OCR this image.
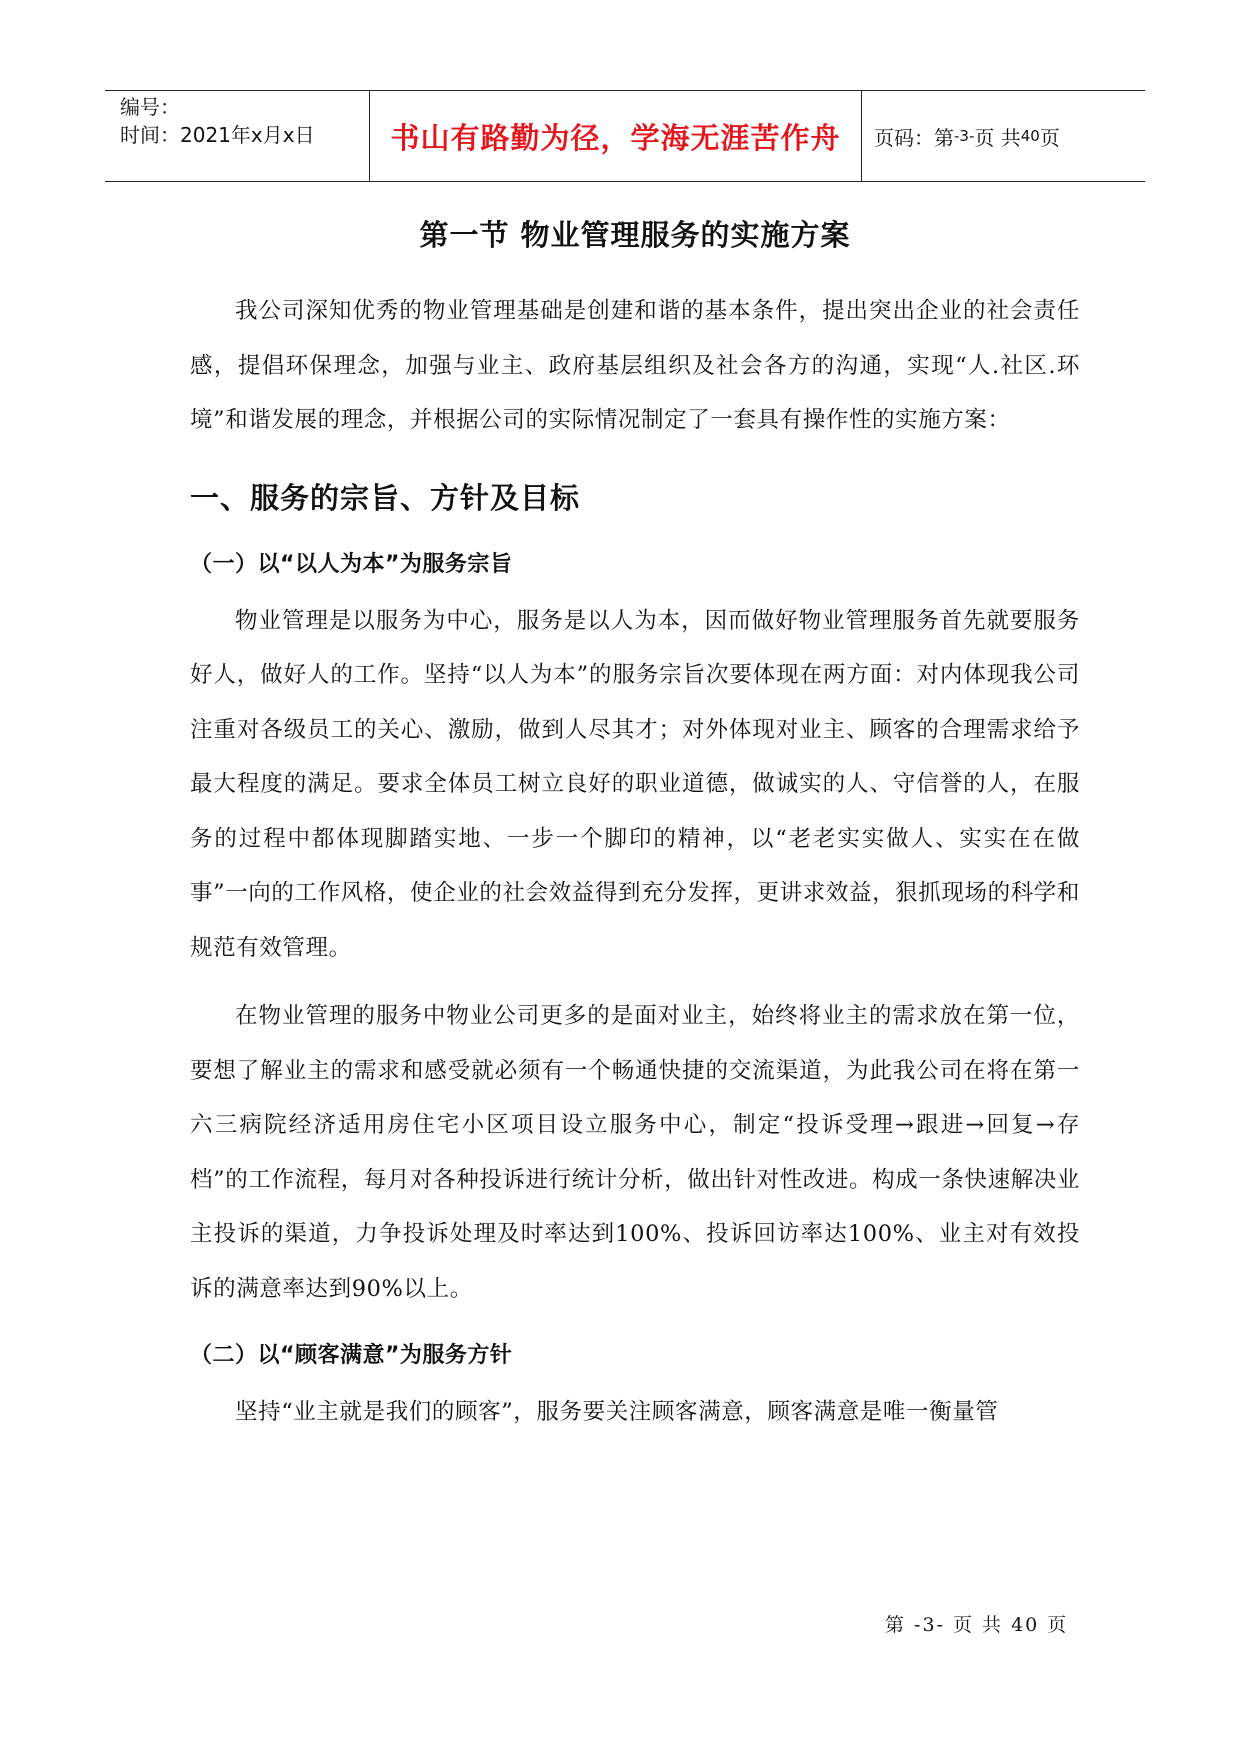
编号：
时间：2021年x月x日	书山有路勤为径，学海无涯苦作舟	页码：第 -3- 页 共 40 页
第一节 物业管理服务的实施方案

我公司深知优秀的物业管理基础是创建和谐的基本条件，提出突出企业的社会责任感，提倡环保理念，加强与业主、政府基层组织及社会各方的沟通，实现“人.社区.环境”和谐发展的理念，并根据公司的实际情况制定了一套具有操作性的实施方案：

一、服务的宗旨、方针及目标
（一）以“以人为本”为服务宗旨

物业管理是以服务为中心，服务是以人为本，因而做好物业管理服务首先就要服务好人，做好人的工作。坚持“以人为本”的服务宗旨次要体现在两方面：对内体现我公司注重对各级员工的关心、激励，做到人尽其才；对外体现对业主、顾客的合理需求给予最大程度的满足。要求全体员工树立良好的职业道德，做诚实的人、守信誉的人，在服务的过程中都体现脚踏实地、一步一个脚印的精神，以“老老实实做人、实实在在做事”一向的工作风格，使企业的社会效益得到充分发挥，更讲求效益，狠抓现场的科学和规范有效管理。

在物业管理的服务中物业公司更多的是面对业主，始终将业主的需求放在第一位，要想了解业主的需求和感受就必须有一个畅通快捷的交流渠道，为此我公司在将在第一六三病院经济适用房住宅小区项目设立服务中心，制定“投诉受理→跟进→回复→存档”的工作流程，每月对各种投诉进行统计分析，做出针对性改进。构成一条快速解决业主投诉的渠道，力争投诉处理及时率达到100%、投诉回访率达100%、业主对有效投诉的满意率达到90%以上。

（二）以“顾客满意”为服务方针

坚持“业主就是我们的顾客”，服务要关注顾客满意，顾客满意是唯一衡量管

第 -3- 页 共 40 页
